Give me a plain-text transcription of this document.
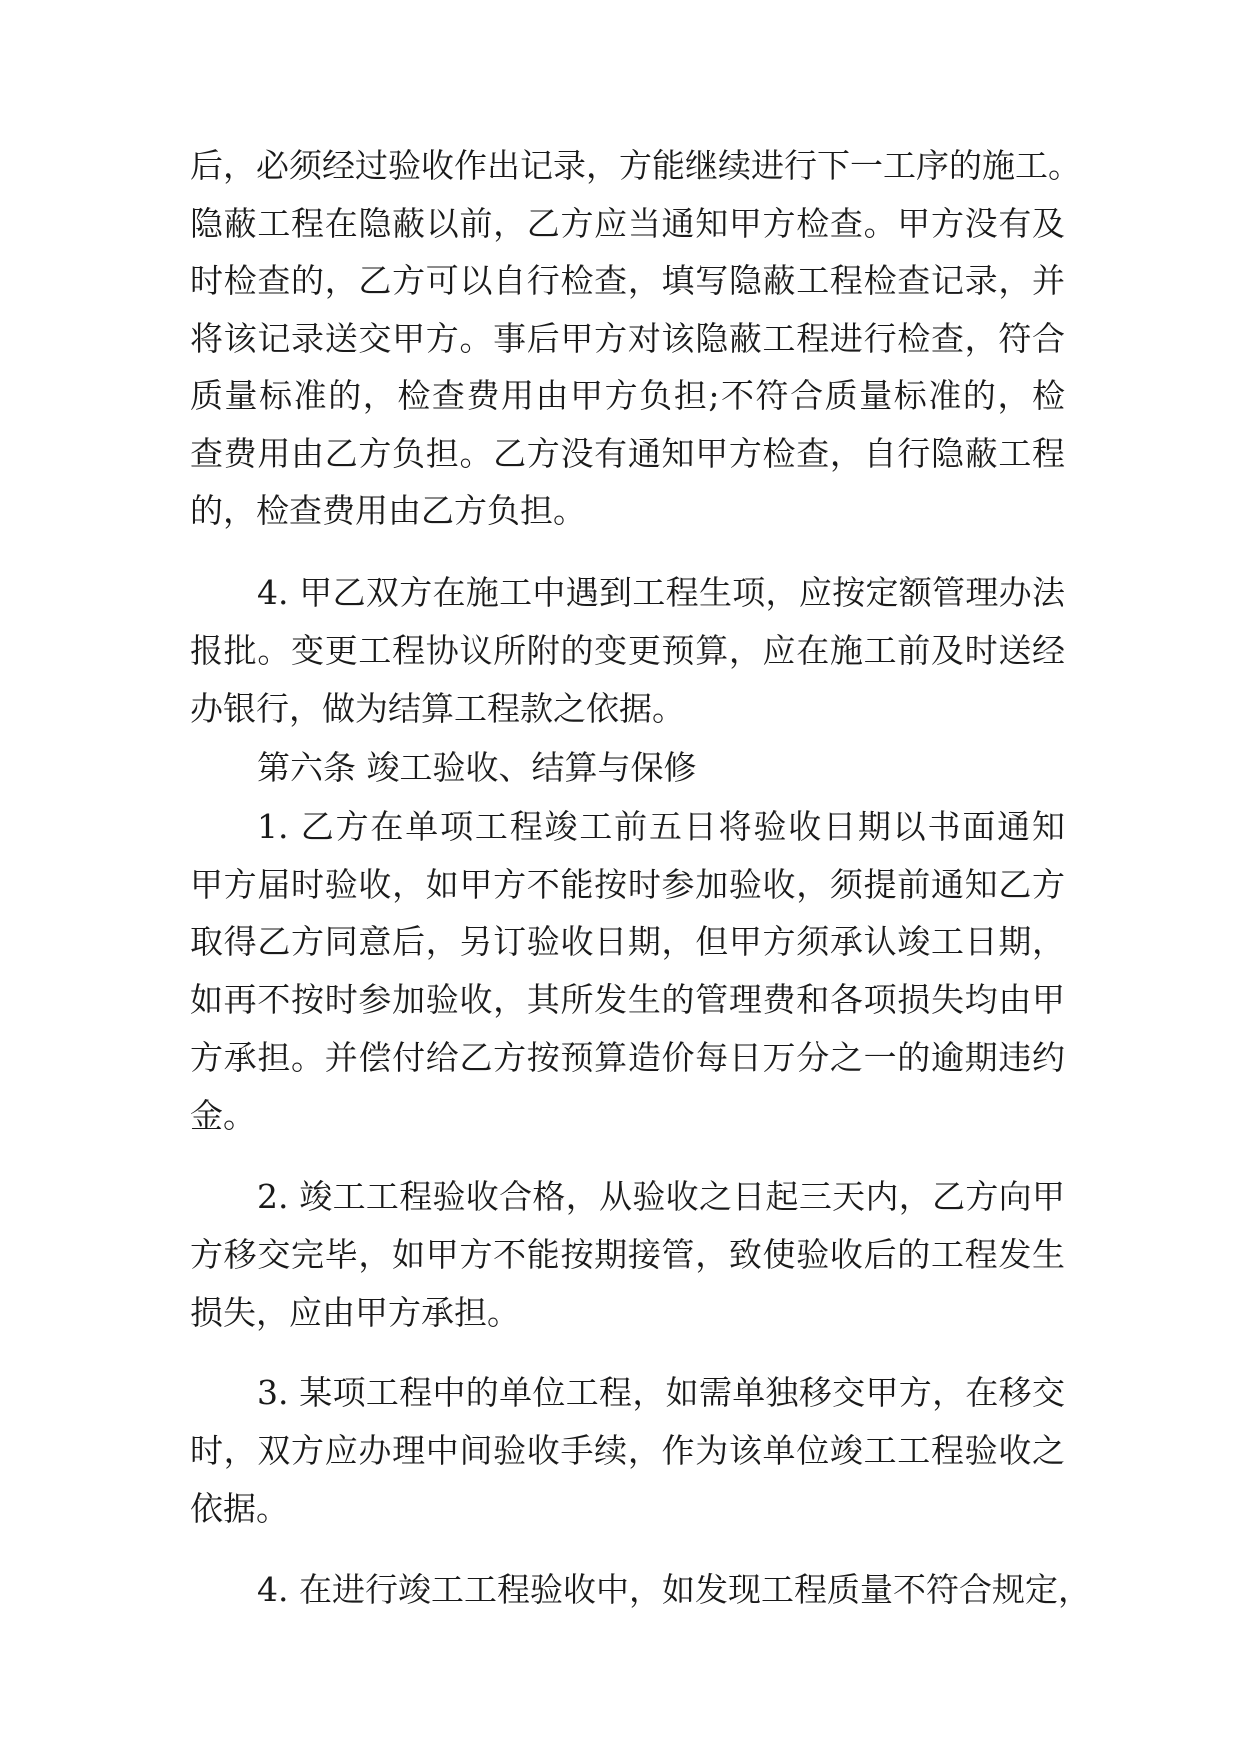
后，必须经过验收作出记录，方能继续进行下一工序的施工。
隐蔽工程在隐蔽以前，乙方应当通知甲方检查。甲方没有及
时检查的，乙方可以自行检查，填写隐蔽工程检查记录，并
将该记录送交甲方。事后甲方对该隐蔽工程进行检查，符合
质量标准的，检查费用由甲方负担;不符合质量标准的，检
查费用由乙方负担。乙方没有通知甲方检查，自行隐蔽工程
的，检查费用由乙方负担。
4. 甲乙双方在施工中遇到工程生项，应按定额管理办法
报批。变更工程协议所附的变更预算，应在施工前及时送经
办银行，做为结算工程款之依据。
第六条 竣工验收、结算与保修
1. 乙方在单项工程竣工前五日将验收日期以书面通知
甲方届时验收，如甲方不能按时参加验收，须提前通知乙方
取得乙方同意后，另订验收日期，但甲方须承认竣工日期，
如再不按时参加验收，其所发生的管理费和各项损失均由甲
方承担。并偿付给乙方按预算造价每日万分之一的逾期违约
金。
2. 竣工工程验收合格，从验收之日起三天内，乙方向甲
方移交完毕，如甲方不能按期接管，致使验收后的工程发生
损失，应由甲方承担。
3. 某项工程中的单位工程，如需单独移交甲方，在移交
时，双方应办理中间验收手续，作为该单位竣工工程验收之
依据。
4. 在进行竣工工程验收中，如发现工程质量不符合规定，
